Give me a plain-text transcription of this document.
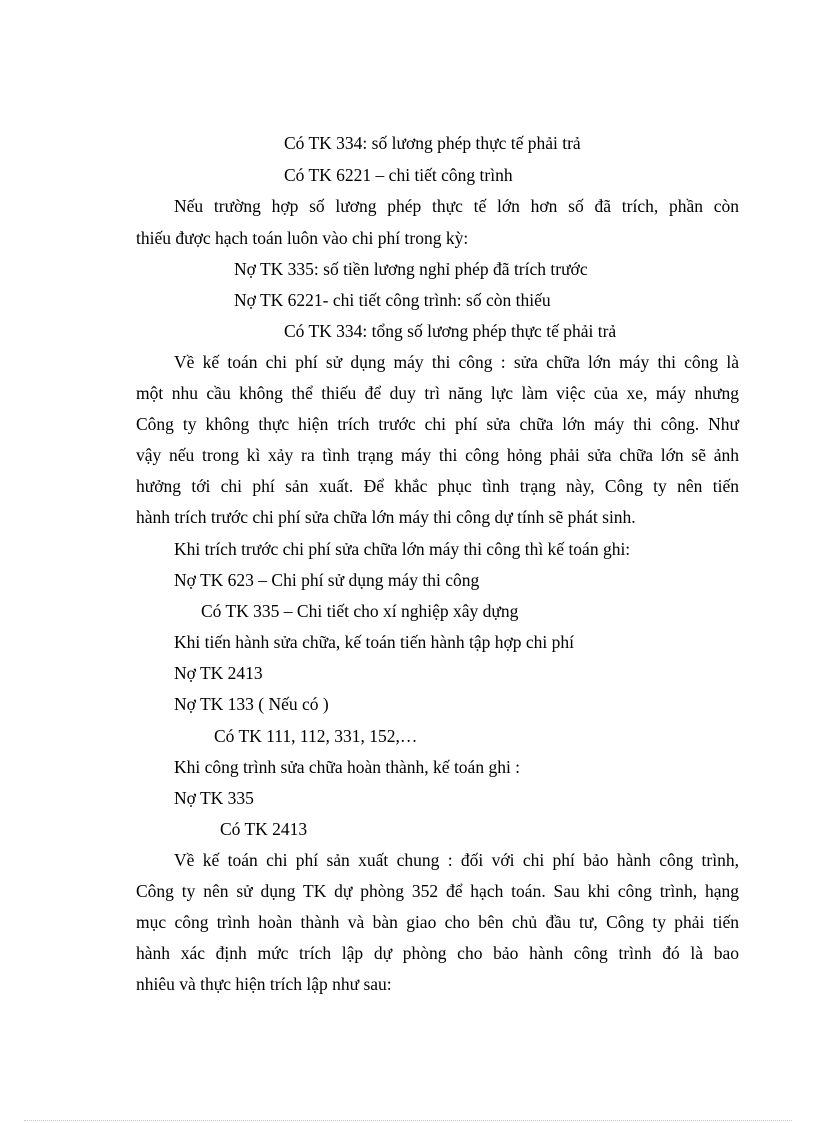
Có TK 334: số lương phép thực tế phải trả
Có TK 6221 – chi tiết công trình
Nếu trường hợp số lương phép thực tế lớn hơn số đã trích, phần còn
thiếu được hạch toán luôn vào chi phí trong kỳ:
Nợ TK 335: số tiền lương nghỉ phép đã trích trước
Nợ TK 6221- chi tiết công trình: số còn thiếu
Có TK 334: tổng số lương phép thực tế phải trả
Về kế toán chi phí sử dụng máy thi công : sửa chữa lớn máy thi công là
một nhu cầu không thể thiếu để duy trì năng lực làm việc của xe, máy nhưng
Công ty không thực hiện trích trước chi phí sửa chữa lớn máy thi công. Như
vậy nếu trong kì xảy ra tình trạng máy thi công hỏng phải sửa chữa lớn sẽ ảnh
hưởng tới chi phí sản xuất. Để khắc phục tình trạng này, Công ty nên tiến
hành trích trước chi phí sửa chữa lớn máy thi công dự tính sẽ phát sinh.
Khi trích trước chi phí sửa chữa lớn máy thi công thì kế toán ghi:
Nợ TK 623 – Chi phí sử dụng máy thi công
Có TK 335 – Chi tiết cho xí nghiệp xây dựng
Khi tiến hành sửa chữa, kế toán tiến hành tập hợp chi phí
Nợ TK 2413
Nợ TK 133 ( Nếu có )
Có TK 111, 112, 331, 152,…
Khi công trình sửa chữa hoàn thành, kế toán ghi :
Nợ TK 335
Có TK 2413
Về kế toán chi phí sản xuất chung : đối với chi phí bảo hành công trình,
Công ty nên sử dụng TK dự phòng 352 để hạch toán. Sau khi công trình, hạng
mục công trình hoàn thành và bàn giao cho bên chủ đầu tư, Công ty phải tiến
hành xác định mức trích lập dự phòng cho bảo hành công trình đó là bao
nhiêu và thực hiện trích lập như sau:
